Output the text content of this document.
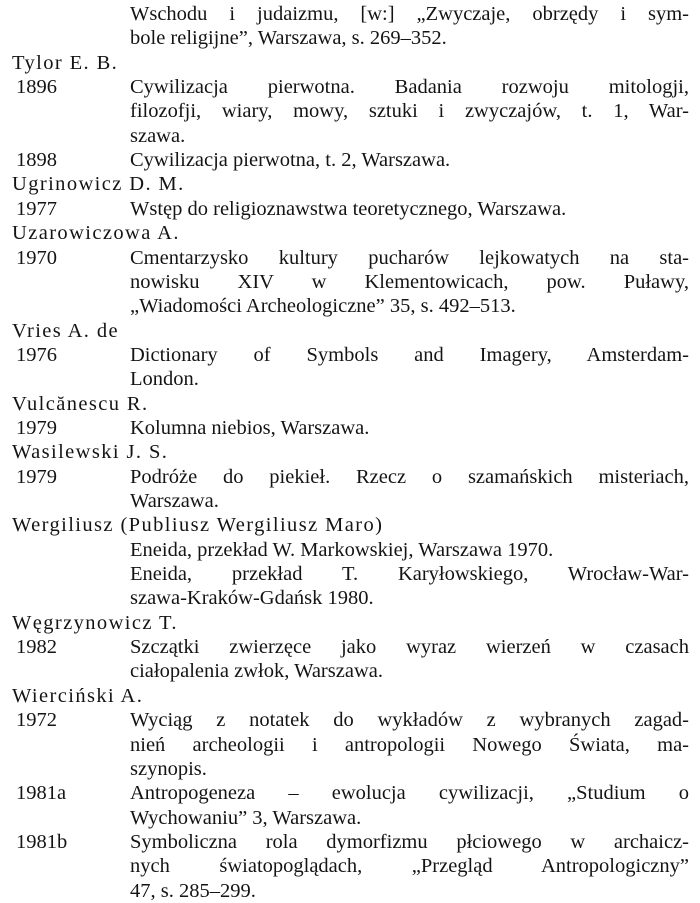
Wschodu i judaizmu, [w:] „Zwyczaje, obrzędy i sym-
bole religijne”, Warszawa, s. 269–352.
Tylor E. B.
1896	Cywilizacja pierwotna. Badania rozwoju mitologji,
filozofji, wiary, mowy, sztuki i zwyczajów, t. 1, War-
szawa.
1898	Cywilizacja pierwotna, t. 2, Warszawa.
Ugrinowicz D. M.
1977	Wstęp do religioznawstwa teoretycznego, Warszawa.
Uzarowiczowa A.
1970	Cmentarzysko kultury pucharów lejkowatych na sta-
nowisku XIV w Klementowicach, pow. Puławy,
„Wiadomości Archeologiczne” 35, s. 492–513.
Vries A. de
1976	Dictionary of Symbols and Imagery, Amsterdam-
London.
Vulcănescu R.
1979	Kolumna niebios, Warszawa.
Wasilewski J. S.
1979	Podróże do piekieł. Rzecz o szamańskich misteriach,
Warszawa.
Wergiliusz (Publiusz Wergiliusz Maro)
Eneida, przekład W. Markowskiej, Warszawa 1970.
Eneida, przekład T. Karyłowskiego, Wrocław-War-
szawa-Kraków-Gdańsk 1980.
Węgrzynowicz T.
1982	Szczątki zwierzęce jako wyraz wierzeń w czasach
ciałopalenia zwłok, Warszawa.
Wierciński A.
1972	Wyciąg z notatek do wykładów z wybranych zagad-
nień archeologii i antropologii Nowego Świata, ma-
szynopis.
1981a	Antropogeneza – ewolucja cywilizacji, „Studium o
Wychowaniu” 3, Warszawa.
1981b	Symboliczna rola dymorfizmu płciowego w archaicz-
nych światopoglądach, „Przegląd Antropologiczny”
47, s. 285–299.
